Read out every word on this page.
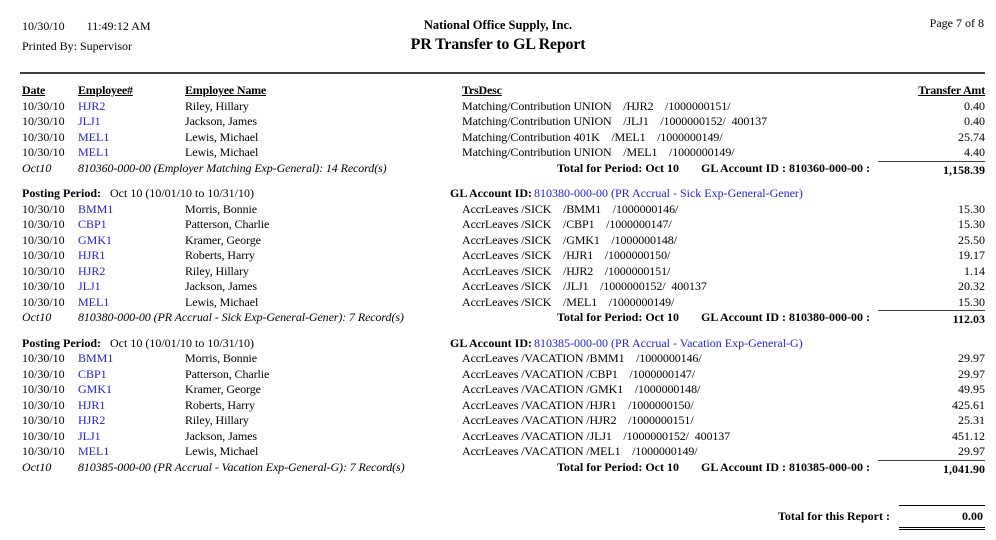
10/30/10 11:49:12 AM
Printed By: Supervisor
National Office Supply, Inc.
PR Transfer to GL Report
Page 7 of 8
Date	Employee#	Employee Name	TrsDesc	Transfer Amt
10/30/10	HJR2	Riley, Hillary	Matching/Contribution UNION    /HJR2    /1000000151/	0.40
10/30/10	JLJ1	Jackson, James	Matching/Contribution UNION    /JLJ1    /1000000152/  400137	0.40
10/30/10	MEL1	Lewis, Michael	Matching/Contribution 401K    /MEL1    /1000000149/	25.74
10/30/10	MEL1	Lewis, Michael	Matching/Contribution UNION    /MEL1    /1000000149/	4.40
Oct10	810360-000-00 (Employer Matching Exp-General): 14 Record(s)	Total for Period: Oct 10 GL Account ID : 810360-000-00 :	1,158.39
Posting Period: Oct 10 (10/01/10 to 10/31/10)	GL Account ID: 810380-000-00 (PR Accrual - Sick Exp-General-Gener)
10/30/10	BMM1	Morris, Bonnie	AccrLeaves /SICK    /BMM1    /1000000146/	15.30
10/30/10	CBP1	Patterson, Charlie	AccrLeaves /SICK    /CBP1    /1000000147/	15.30
10/30/10	GMK1	Kramer, George	AccrLeaves /SICK    /GMK1    /1000000148/	25.50
10/30/10	HJR1	Roberts, Harry	AccrLeaves /SICK    /HJR1    /1000000150/	19.17
10/30/10	HJR2	Riley, Hillary	AccrLeaves /SICK    /HJR2    /1000000151/	1.14
10/30/10	JLJ1	Jackson, James	AccrLeaves /SICK    /JLJ1    /1000000152/  400137	20.32
10/30/10	MEL1	Lewis, Michael	AccrLeaves /SICK    /MEL1    /1000000149/	15.30
Oct10	810380-000-00 (PR Accrual - Sick Exp-General-Gener): 7 Record(s)	Total for Period: Oct 10 GL Account ID : 810380-000-00 :	112.03
Posting Period: Oct 10 (10/01/10 to 10/31/10)	GL Account ID: 810385-000-00 (PR Accrual - Vacation Exp-General-G)
10/30/10	BMM1	Morris, Bonnie	AccrLeaves /VACATION /BMM1    /1000000146/	29.97
10/30/10	CBP1	Patterson, Charlie	AccrLeaves /VACATION /CBP1    /1000000147/	29.97
10/30/10	GMK1	Kramer, George	AccrLeaves /VACATION /GMK1    /1000000148/	49.95
10/30/10	HJR1	Roberts, Harry	AccrLeaves /VACATION /HJR1    /1000000150/	425.61
10/30/10	HJR2	Riley, Hillary	AccrLeaves /VACATION /HJR2    /1000000151/	25.31
10/30/10	JLJ1	Jackson, James	AccrLeaves /VACATION /JLJ1    /1000000152/  400137	451.12
10/30/10	MEL1	Lewis, Michael	AccrLeaves /VACATION /MEL1    /1000000149/	29.97
Oct10	810385-000-00 (PR Accrual - Vacation Exp-General-G): 7 Record(s)	Total for Period: Oct 10 GL Account ID : 810385-000-00 :	1,041.90
Total for this Report :	0.00
